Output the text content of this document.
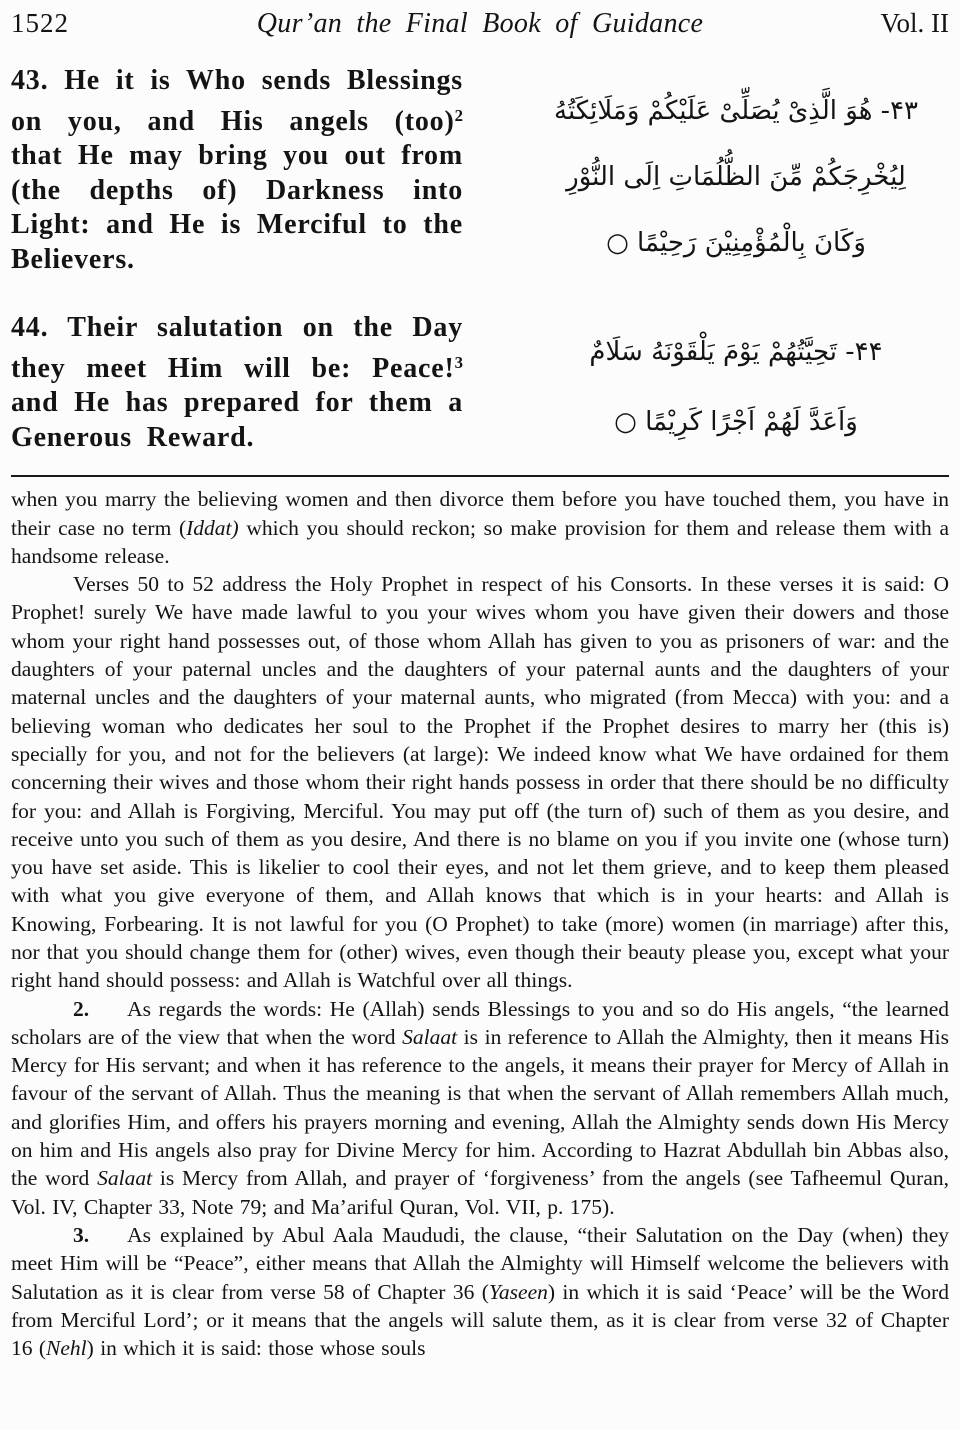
1522	Qur’an the Final Book of Guidance	Vol. II
43. He it is Who sends Blessings on you, and His angels (too)$^2$ that He may bring you out from (the depths of) Darkness into Light: and He is Merciful to the Believers.
۴۳- هُوَ الَّذِىْ يُصَلِّىْ عَلَيْكُمْ وَمَلَائِكَتُهُ
لِيُخْرِجَكُمْ مِّنَ الظُّلُمَاتِ اِلَى النُّوْرِ
وَكَانَ بِالْمُؤْمِنِيْنَ رَحِيْمًا ○
44. Their salutation on the Day they meet Him will be: Peace!$^3$ and He has prepared for them a Generous Reward.
۴۴- تَحِيَّتُهُمْ يَوْمَ يَلْقَوْنَهُ سَلَامٌ
وَاَعَدَّ لَهُمْ اَجْرًا كَرِيْمًا ○

when you marry the believing women and then divorce them before you have touched them, you have in their case no term (Iddat) which you should reckon; so make provision for them and release them with a handsome release.

Verses 50 to 52 address the Holy Prophet in respect of his Consorts. In these verses it is said: O Prophet! surely We have made lawful to you your wives whom you have given their dowers and those whom your right hand possesses out, of those whom Allah has given to you as prisoners of war: and the daughters of your paternal uncles and the daughters of your paternal aunts and the daughters of your maternal uncles and the daughters of your maternal aunts, who migrated (from Mecca) with you: and a believing woman who dedicates her soul to the Prophet if the Prophet desires to marry her (this is) specially for you, and not for the believers (at large): We indeed know what We have ordained for them concerning their wives and those whom their right hands possess in order that there should be no difficulty for you: and Allah is Forgiving, Merciful. You may put off (the turn of) such of them as you desire, and receive unto you such of them as you desire, And there is no blame on you if you invite one (whose turn) you have set aside. This is likelier to cool their eyes, and not let them grieve, and to keep them pleased with what you give everyone of them, and Allah knows that which is in your hearts: and Allah is Knowing, Forbearing. It is not lawful for you (O Prophet) to take (more) women (in marriage) after this, nor that you should change them for (other) wives, even though their beauty please you, except what your right hand should possess: and Allah is Watchful over all things.

2. As regards the words: He (Allah) sends Blessings to you and so do His angels, “the learned scholars are of the view that when the word Salaat is in reference to Allah the Almighty, then it means His Mercy for His servant; and when it has reference to the angels, it means their prayer for Mercy of Allah in favour of the servant of Allah. Thus the meaning is that when the servant of Allah remembers Allah much, and glorifies Him, and offers his prayers morning and evening, Allah the Almighty sends down His Mercy on him and His angels also pray for Divine Mercy for him. According to Hazrat Abdullah bin Abbas also, the word Salaat is Mercy from Allah, and prayer of ‘forgiveness’ from the angels (see Tafheemul Quran, Vol. IV, Chapter 33, Note 79; and Ma’ariful Quran, Vol. VII, p. 175).

3. As explained by Abul Aala Maududi, the clause, “their Salutation on the Day (when) they meet Him will be “Peace”, either means that Allah the Almighty will Himself welcome the believers with Salutation as it is clear from verse 58 of Chapter 36 (Yaseen) in which it is said ‘Peace’ will be the Word from Merciful Lord’; or it means that the angels will salute them, as it is clear from verse 32 of Chapter 16 (Nehl) in which it is said: those whose souls
